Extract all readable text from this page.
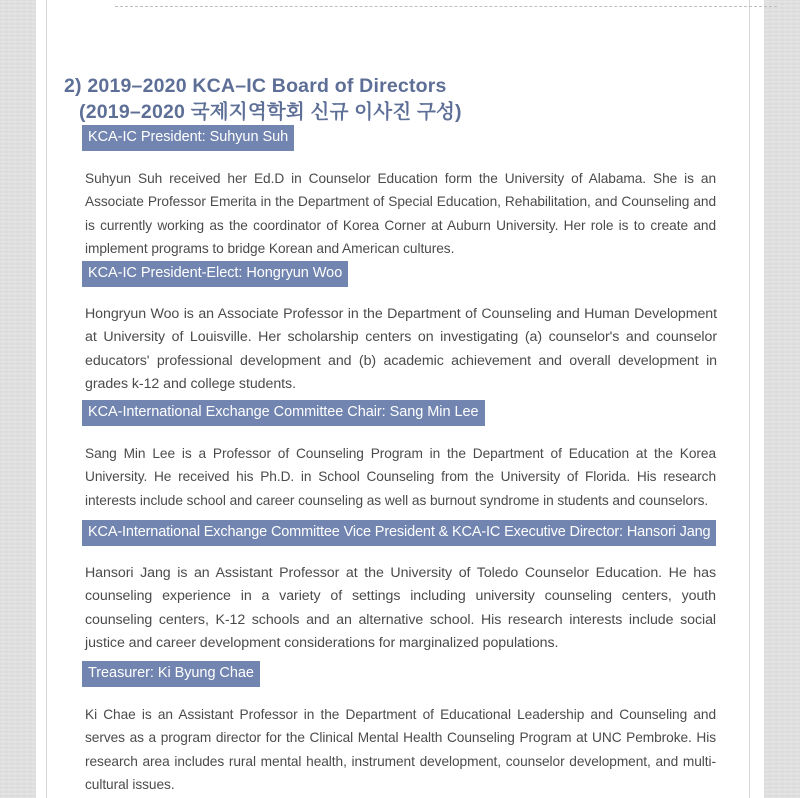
2) 2019–2020 KCA–IC Board of Directors

(2019–2020 국제지역학회 신규 이사진 구성)

KCA-IC President: Suhyun Suh
Suhyun Suh received her Ed.D in Counselor Education form the University of Alabama. She is an Associate Professor Emerita in the Department of Special Education, Rehabilitation, and Counseling and is currently working as the coordinator of Korea Corner at Auburn University. Her role is to create and implement programs to bridge Korean and American cultures.
KCA-IC President-Elect: Hongryun Woo
Hongryun Woo is an Associate Professor in the Department of Counseling and Human Development at University of Louisville. Her scholarship centers on investigating (a) counselor's and counselor educators' professional development and (b) academic achievement and overall development in grades k-12 and college students.
KCA-International Exchange Committee Chair: Sang Min Lee
Sang Min Lee is a Professor of Counseling Program in the Department of Education at the Korea University. He received his Ph.D. in School Counseling from the University of Florida. His research interests include school and career counseling as well as burnout syndrome in students and counselors.
KCA-International Exchange Committee Vice President & KCA-IC Executive Director: Hansori Jang
Hansori Jang is an Assistant Professor at the University of Toledo Counselor Education. He has counseling experience in a variety of settings including university counseling centers, youth counseling centers, K-12 schools and an alternative school. His research interests include social justice and career development considerations for marginalized populations.
Treasurer: Ki Byung Chae
Ki Chae is an Assistant Professor in the Department of Educational Leadership and Counseling and serves as a program director for the Clinical Mental Health Counseling Program at UNC Pembroke. His research area includes rural mental health, instrument development, counselor development, and multi-cultural issues.
